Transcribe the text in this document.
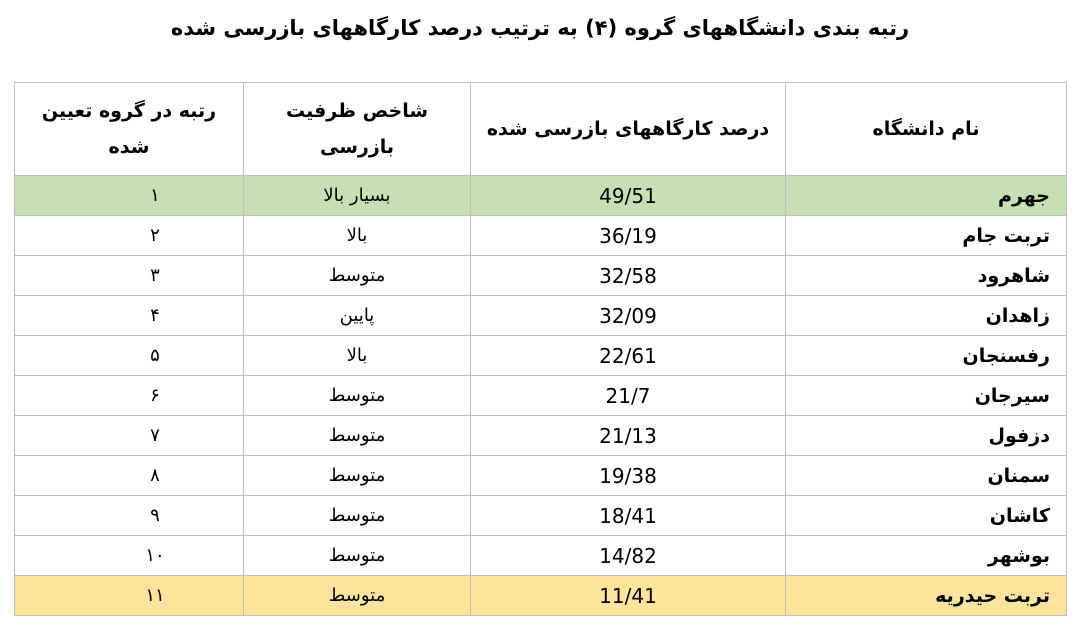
رتبه بندی دانشگاههای گروه (۴) به ترتیب درصد کارگاههای بازرسی شده
نام دانشگاه	درصد کارگاههای بازرسی شده	شاخص ظرفیت بازرسی	رتبه در گروه تعیین شده
جهرم	49/51	بسیار بالا	۱
تربت جام	36/19	بالا	۲
شاهرود	32/58	متوسط	۳
زاهدان	32/09	پایین	۴
رفسنجان	22/61	بالا	۵
سیرجان	21/7	متوسط	۶
دزفول	21/13	متوسط	۷
سمنان	19/38	متوسط	۸
کاشان	18/41	متوسط	۹
بوشهر	14/82	متوسط	۱۰
تربت حیدریه	11/41	متوسط	۱۱
